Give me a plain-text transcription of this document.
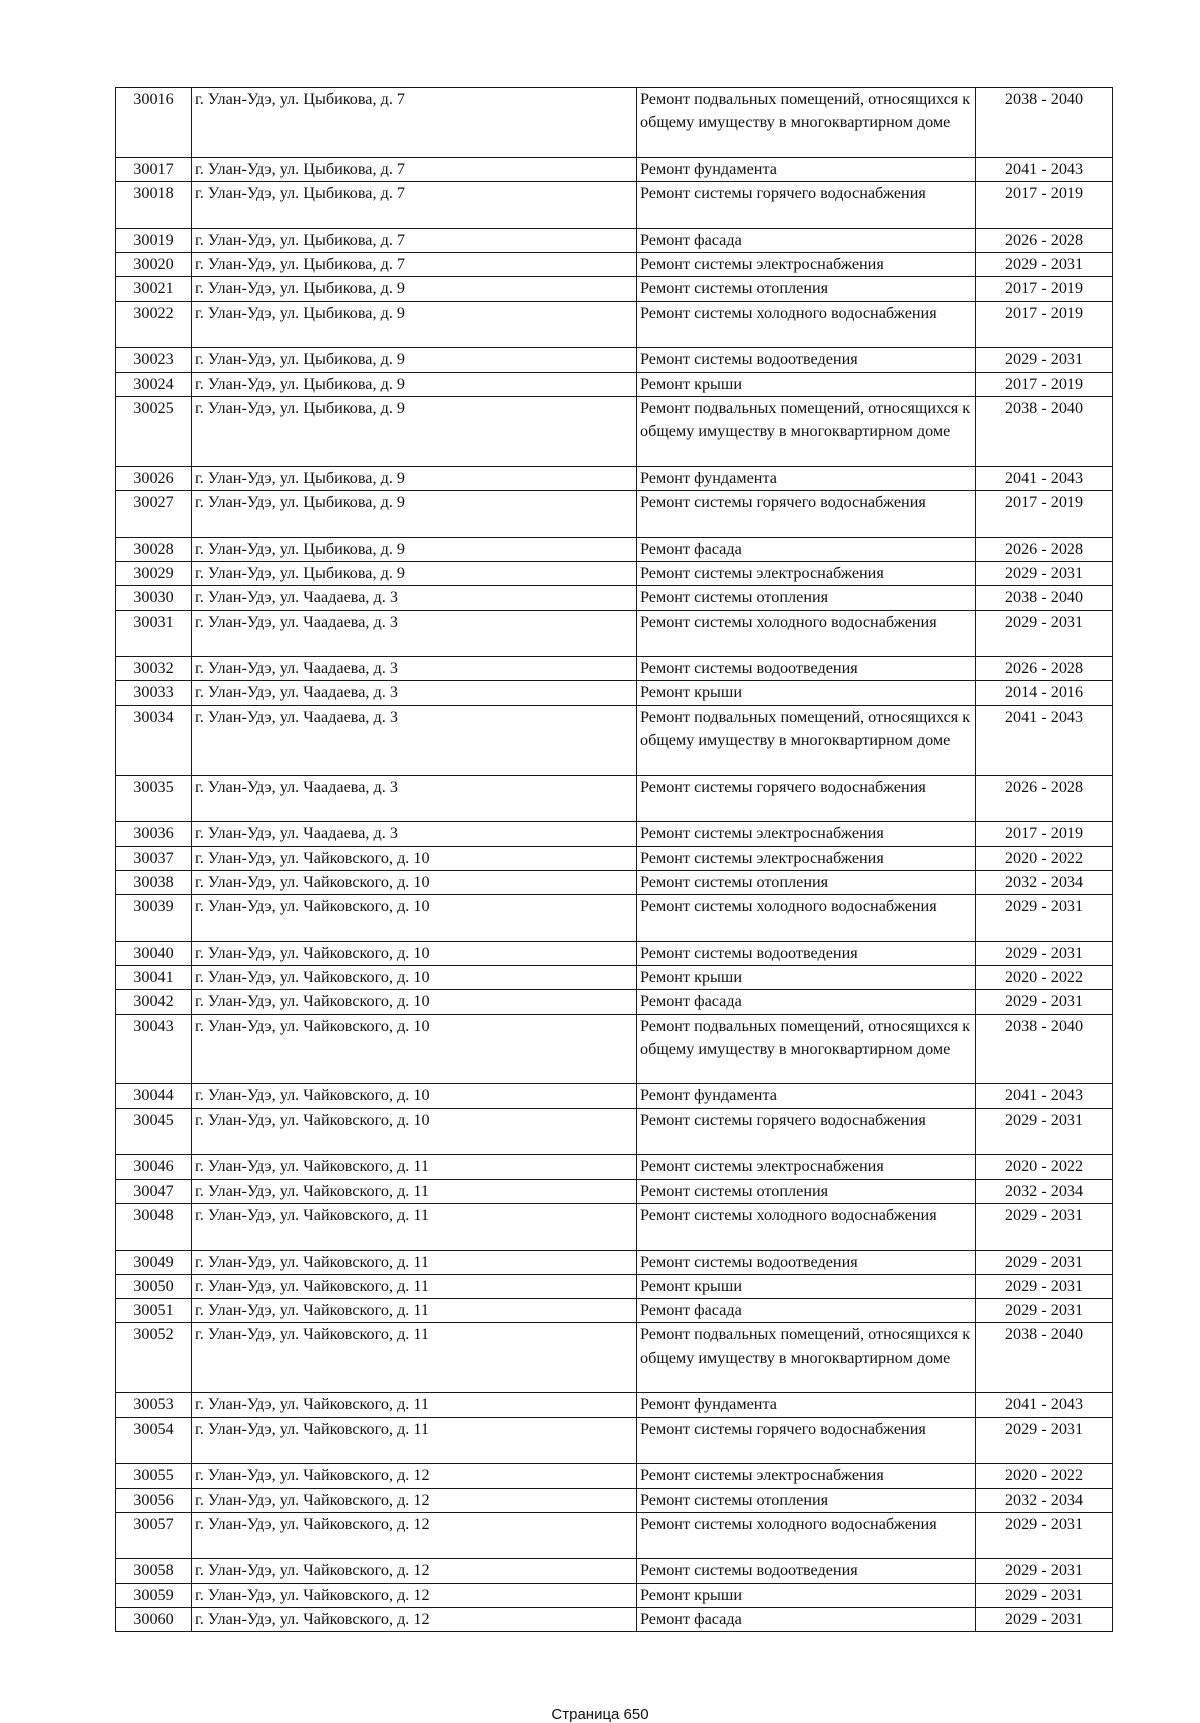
30016	г. Улан-Удэ, ул. Цыбикова, д. 7	Ремонт подвальных помещений, относящихся к общему имуществу в многоквартирном доме	2038 - 2040
30017	г. Улан-Удэ, ул. Цыбикова, д. 7	Ремонт фундамента	2041 - 2043
30018	г. Улан-Удэ, ул. Цыбикова, д. 7	Ремонт системы горячего водоснабжения	2017 - 2019
30019	г. Улан-Удэ, ул. Цыбикова, д. 7	Ремонт фасада	2026 - 2028
30020	г. Улан-Удэ, ул. Цыбикова, д. 7	Ремонт системы электроснабжения	2029 - 2031
30021	г. Улан-Удэ, ул. Цыбикова, д. 9	Ремонт системы отопления	2017 - 2019
30022	г. Улан-Удэ, ул. Цыбикова, д. 9	Ремонт системы холодного водоснабжения	2017 - 2019
30023	г. Улан-Удэ, ул. Цыбикова, д. 9	Ремонт системы водоотведения	2029 - 2031
30024	г. Улан-Удэ, ул. Цыбикова, д. 9	Ремонт крыши	2017 - 2019
30025	г. Улан-Удэ, ул. Цыбикова, д. 9	Ремонт подвальных помещений, относящихся к общему имуществу в многоквартирном доме	2038 - 2040
30026	г. Улан-Удэ, ул. Цыбикова, д. 9	Ремонт фундамента	2041 - 2043
30027	г. Улан-Удэ, ул. Цыбикова, д. 9	Ремонт системы горячего водоснабжения	2017 - 2019
30028	г. Улан-Удэ, ул. Цыбикова, д. 9	Ремонт фасада	2026 - 2028
30029	г. Улан-Удэ, ул. Цыбикова, д. 9	Ремонт системы электроснабжения	2029 - 2031
30030	г. Улан-Удэ, ул. Чаадаева, д. 3	Ремонт системы отопления	2038 - 2040
30031	г. Улан-Удэ, ул. Чаадаева, д. 3	Ремонт системы холодного водоснабжения	2029 - 2031
30032	г. Улан-Удэ, ул. Чаадаева, д. 3	Ремонт системы водоотведения	2026 - 2028
30033	г. Улан-Удэ, ул. Чаадаева, д. 3	Ремонт крыши	2014 - 2016
30034	г. Улан-Удэ, ул. Чаадаева, д. 3	Ремонт подвальных помещений, относящихся к общему имуществу в многоквартирном доме	2041 - 2043
30035	г. Улан-Удэ, ул. Чаадаева, д. 3	Ремонт системы горячего водоснабжения	2026 - 2028
30036	г. Улан-Удэ, ул. Чаадаева, д. 3	Ремонт системы электроснабжения	2017 - 2019
30037	г. Улан-Удэ, ул. Чайковского, д. 10	Ремонт системы электроснабжения	2020 - 2022
30038	г. Улан-Удэ, ул. Чайковского, д. 10	Ремонт системы отопления	2032 - 2034
30039	г. Улан-Удэ, ул. Чайковского, д. 10	Ремонт системы холодного водоснабжения	2029 - 2031
30040	г. Улан-Удэ, ул. Чайковского, д. 10	Ремонт системы водоотведения	2029 - 2031
30041	г. Улан-Удэ, ул. Чайковского, д. 10	Ремонт крыши	2020 - 2022
30042	г. Улан-Удэ, ул. Чайковского, д. 10	Ремонт фасада	2029 - 2031
30043	г. Улан-Удэ, ул. Чайковского, д. 10	Ремонт подвальных помещений, относящихся к общему имуществу в многоквартирном доме	2038 - 2040
30044	г. Улан-Удэ, ул. Чайковского, д. 10	Ремонт фундамента	2041 - 2043
30045	г. Улан-Удэ, ул. Чайковского, д. 10	Ремонт системы горячего водоснабжения	2029 - 2031
30046	г. Улан-Удэ, ул. Чайковского, д. 11	Ремонт системы электроснабжения	2020 - 2022
30047	г. Улан-Удэ, ул. Чайковского, д. 11	Ремонт системы отопления	2032 - 2034
30048	г. Улан-Удэ, ул. Чайковского, д. 11	Ремонт системы холодного водоснабжения	2029 - 2031
30049	г. Улан-Удэ, ул. Чайковского, д. 11	Ремонт системы водоотведения	2029 - 2031
30050	г. Улан-Удэ, ул. Чайковского, д. 11	Ремонт крыши	2029 - 2031
30051	г. Улан-Удэ, ул. Чайковского, д. 11	Ремонт фасада	2029 - 2031
30052	г. Улан-Удэ, ул. Чайковского, д. 11	Ремонт подвальных помещений, относящихся к общему имуществу в многоквартирном доме	2038 - 2040
30053	г. Улан-Удэ, ул. Чайковского, д. 11	Ремонт фундамента	2041 - 2043
30054	г. Улан-Удэ, ул. Чайковского, д. 11	Ремонт системы горячего водоснабжения	2029 - 2031
30055	г. Улан-Удэ, ул. Чайковского, д. 12	Ремонт системы электроснабжения	2020 - 2022
30056	г. Улан-Удэ, ул. Чайковского, д. 12	Ремонт системы отопления	2032 - 2034
30057	г. Улан-Удэ, ул. Чайковского, д. 12	Ремонт системы холодного водоснабжения	2029 - 2031
30058	г. Улан-Удэ, ул. Чайковского, д. 12	Ремонт системы водоотведения	2029 - 2031
30059	г. Улан-Удэ, ул. Чайковского, д. 12	Ремонт крыши	2029 - 2031
30060	г. Улан-Удэ, ул. Чайковского, д. 12	Ремонт фасада	2029 - 2031
Страница 650
